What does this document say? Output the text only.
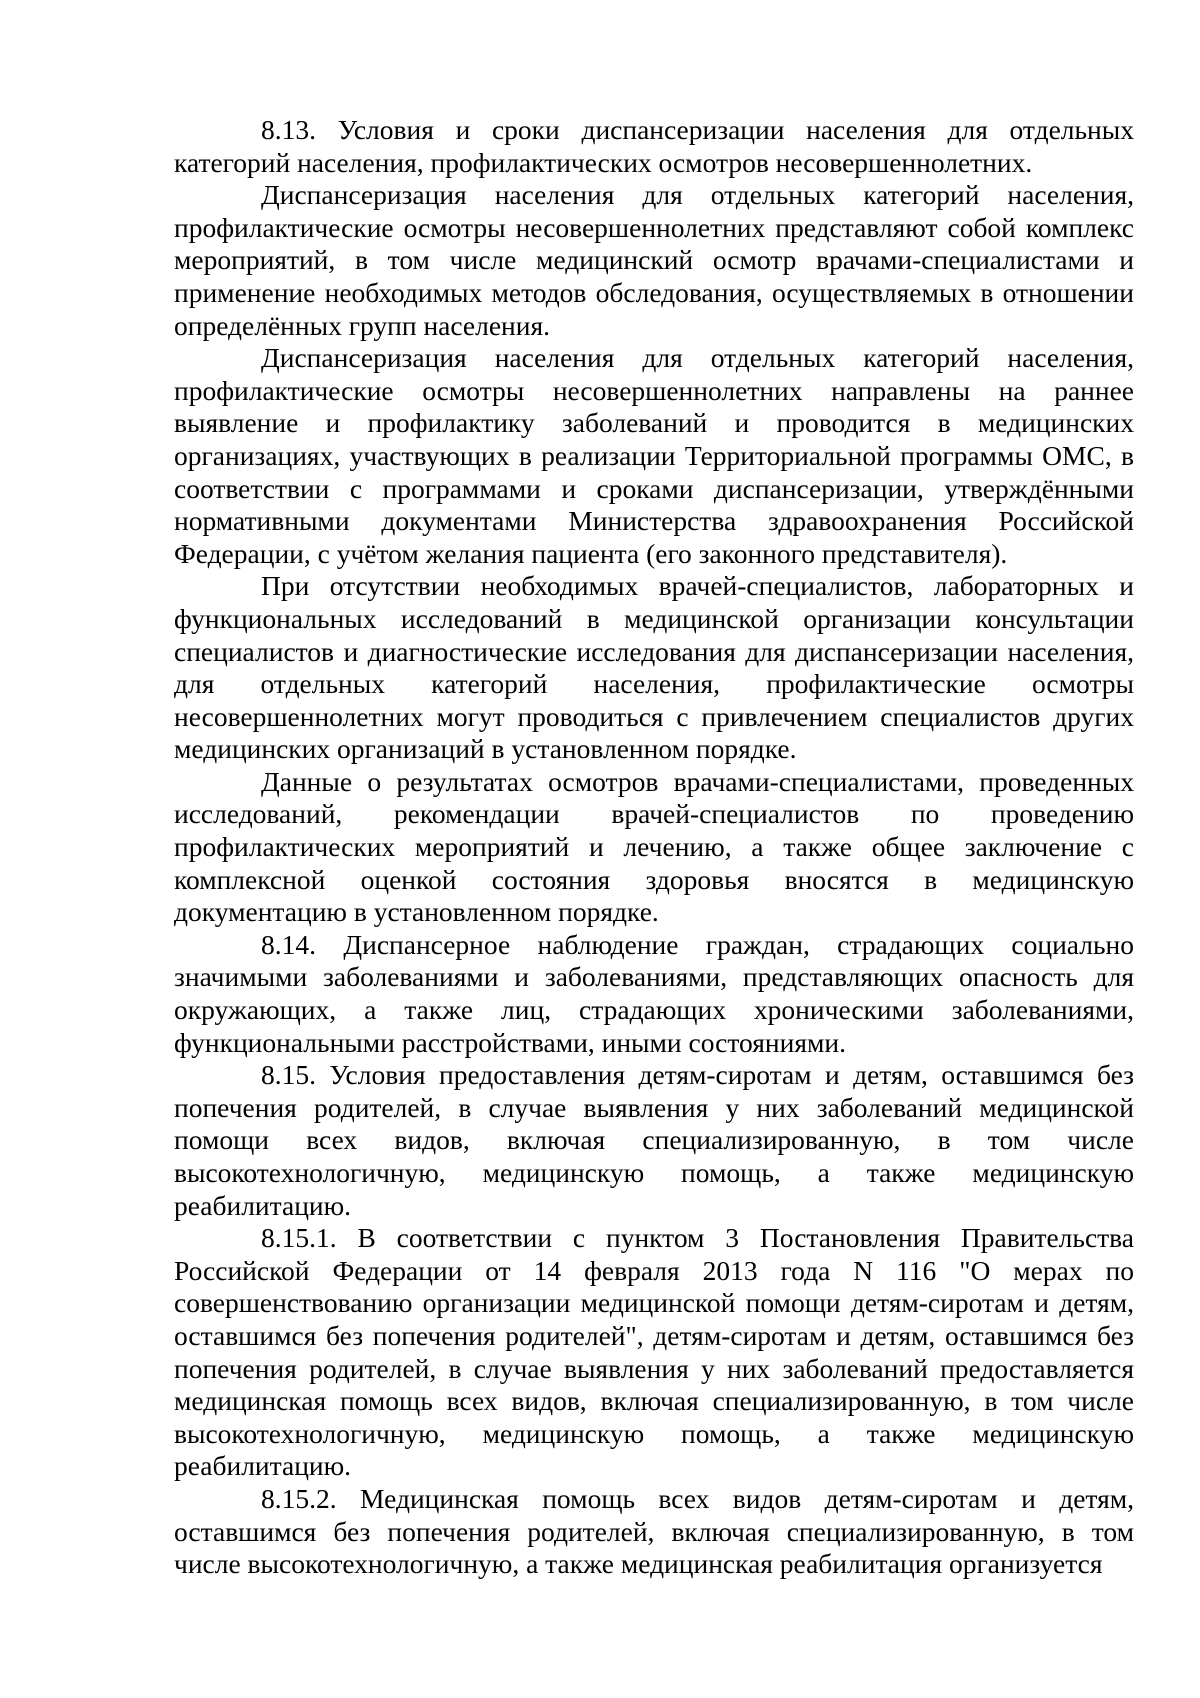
8.13. Условия и сроки диспансеризации населения для отдельных категорий населения, профилактических осмотров несовершеннолетних.

Диспансеризация населения для отдельных категорий населения, профилактические осмотры несовершеннолетних представляют собой комплекс мероприятий, в том числе медицинский осмотр врачами-специалистами и применение необходимых методов обследования, осуществляемых в отношении определённых групп населения.

Диспансеризация населения для отдельных категорий населения, профилактические осмотры несовершеннолетних направлены на раннее выявление и профилактику заболеваний и проводится в медицинских организациях, участвующих в реализации Территориальной программы ОМС, в соответствии с программами и сроками диспансеризации, утверждёнными нормативными документами Министерства здравоохранения Российской Федерации, с учётом желания пациента (его законного представителя).

При отсутствии необходимых врачей-специалистов, лабораторных и функциональных исследований в медицинской организации консультации специалистов и диагностические исследования для диспансеризации населения, для отдельных категорий населения, профилактические осмотры несовершеннолетних могут проводиться с привлечением специалистов других медицинских организаций в установленном порядке.

Данные о результатах осмотров врачами-специалистами, проведенных исследований, рекомендации врачей-специалистов по проведению профилактических мероприятий и лечению, а также общее заключение с комплексной оценкой состояния здоровья вносятся в медицинскую документацию в установленном порядке.

8.14. Диспансерное наблюдение граждан, страдающих социально значимыми заболеваниями и заболеваниями, представляющих опасность для окружающих, а также лиц, страдающих хроническими заболеваниями, функциональными расстройствами, иными состояниями.

8.15. Условия предоставления детям-сиротам и детям, оставшимся без попечения родителей, в случае выявления у них заболеваний медицинской помощи всех видов, включая специализированную, в том числе высокотехнологичную, медицинскую помощь, а также медицинскую реабилитацию.

8.15.1. В соответствии с пунктом 3 Постановления Правительства Российской Федерации от 14 февраля 2013 года N 116 "О мерах по совершенствованию организации медицинской помощи детям-сиротам и детям, оставшимся без попечения родителей", детям-сиротам и детям, оставшимся без попечения родителей, в случае выявления у них заболеваний предоставляется медицинская помощь всех видов, включая специализированную, в том числе высокотехнологичную, медицинскую помощь, а также медицинскую реабилитацию.

8.15.2. Медицинская помощь всех видов детям-сиротам и детям, оставшимся без попечения родителей, включая специализированную, в том числе высокотехнологичную, а также медицинская реабилитация организуется
